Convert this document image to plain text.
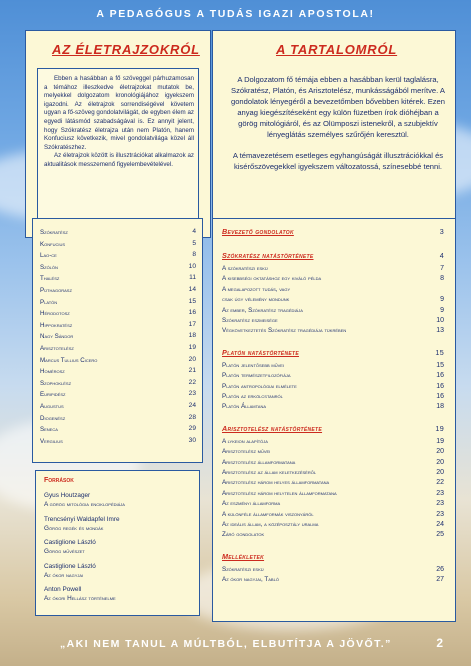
A PEDAGÓGUS A TUDÁS IGAZI APOSTOLA!
AZ ÉLETRAJZOKRÓL

Ebben a hasábban a fő szöveggel párhuzamosan a témához illeszkedve életrajzokat mutatok be, melyekkel dolgozatom kronológiájához igyekszem igazodni. Az életrajzok sorrendiségével követem ugyan a fő-szöveg gondolatvilágát, de egyben élem az egyedi látásmód szabadságával is. Ez annyit jelent, hogy Szókratész életrajza után nem Platón, hanem Konfuciusz következik, mivel gondolatvilága közel áll Szókratészhez.

Az életrajzok között is illusztrációkat alkalmazok az aktualitások messzemenő figyelembevételével.

A TARTALOMRÓL

A Dolgozatom fő témája ebben a hasábban kerül taglalásra, Szókratész, Platón, és Arisztotelész, munkásságából merítve. A gondolatok lényegéről a bevezetőmben bővebben kitérek. Ezen anyag kiegészítéseként egy külön füzetben írok dióhéjban a görög mitológiáról, és az Olümposzi istenekről, a szubjektív lényeglátás személyes szűrőjén keresztül.

A témavezetésem esetleges egyhangúságát illusztrációkkal és kisérőszövegekkel igyekszem változatossá, színesebbé tenni.

Szókratész	4
Konfucius	5
Lao-ce	8
Szólón	10
Thalész	11
Püthagorasz	14
Platón	15
Hérodotosz	16
Hippokratész	17
Nagy Sándor	18
Arisztotelész	19
Marcus Tullius Cicero	20
Homérosz	21
Szophoklész	22
Euripidész	23
Augustus	24
Diogenész	28
Seneca	29
Vergilius	30
Források
Gyus Houtzager
A görög mitológia enciklopédiája
Trencsényi Waldapfel Imre
Görög regék és mondák
Castiglione László
Görög művészet
Castiglione László
Az ókor nagyjai
Anton Powell
Az ókori Hellász történelme
Bevezető gondolatok	3
Szókratész natástörténete	4
A szókratészi eskü	7
A kisebbségi oktatáshoz egy kiváló példa	8
A megalapozott tudás, vagy
csak úgy vélemény mondunk	9
Az ember, Szókratész tragédiája	9
Szókratész eszmeisége	10
Végkövetkeztetés Szókratész tragédiája tükrében	13
Platón natástörténete	15
Platón jelentősebb művei	15
Platón természetfilozófiája	16
Platón antropológiai elmélete	16
Platón az erkölcstanról	16
Platón Államtana	18
Arisztotelész natástörténete	19
A lykeion alapítója	19
Arisztotelész művei	20
Arisztotelész államformatana	20
Arisztotelész az állam keletkezéséről	20
Arisztotelész három helyes államformatana	22
Arisztotelész három helytelen államformatana	23
Az eszményi államforma	23
A különféle államformák viszonyáról	23
Az ideális állam, a középosztály uralma	24
Záró gondolatok	25
Mellékletek
Szókratészi eskü	26
Az ókor nagyjai, Tabló	27
„AKI NEM TANUL A MÚLTBÓL, ELBUTÍTJA A JÖVŐT.”	2
